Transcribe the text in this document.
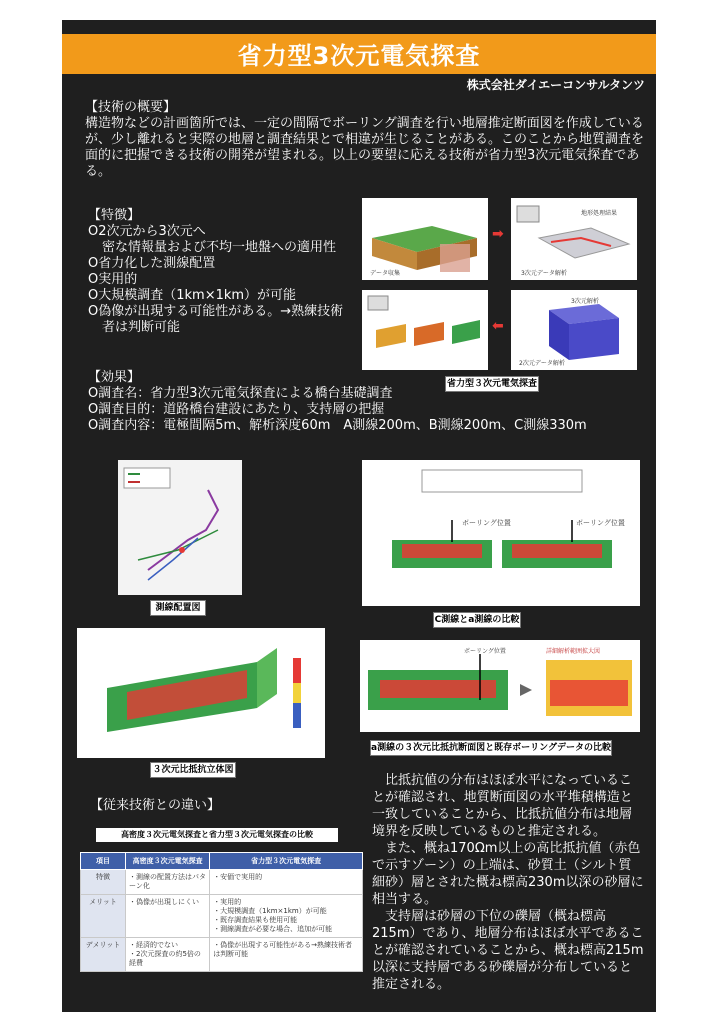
省力型3次元電気探査
株式会社ダイエーコンサルタンツ
【技術の概要】

構造物などの計画箇所では、一定の間隔でボーリング調査を行い地層推定断面図を作成しているが、少し離れると実際の地層と調査結果とで相違が生じることがある。このことから地質調査を面的に把握できる技術の開発が望まれる。以上の要望に応える技術が省力型3次元電気探査である。

【特徴】
O2次元から3次元へ
密な情報量および不均一地盤への適用性
O省力化した測線配置
O実用的
O大規模調査（1km×1km）が可能
O偽像が出現する可能性がある。→熟練技術
者は判断可能
データ収集
➡
地形処理結果
3次元データ解析
⬅
3次元解析
2次元データ解析
省力型３次元電気探査
【効果】
O調査名：省力型3次元電気探査による橋台基礎調査
O調査目的：道路橋台建設にあたり、支持層の把握
O調査内容：電極間隔5m、解析深度60m　A測線200m、B測線200m、C測線330m
測線配置図
ボーリング位置	ボーリング位置
C測線とa測線の比較
３次元比抵抗立体図
ボーリング位置	詳細解析範囲拡大図
a測線の３次元比抵抗断面図と既存ボーリングデータの比較

比抵抗値の分布はほぼ水平になっていることが確認され、地質断面図の水平堆積構造と一致していることから、比抵抗値分布は地層境界を反映しているものと推定される。

また、概ね170Ωm以上の高比抵抗値（赤色で示すゾーン）の上端は、砂質土（シルト質細砂）層とされた概ね標高230m以深の砂層に相当する。

支持層は砂層の下位の礫層（概ね標高215m）であり、地層分布はほぼ水平であることが確認されていることから、概ね標高215m以深に支持層である砂礫層が分布していると推定される。

【従来技術との違い】
高密度３次元電気探査と省力型３次元電気探査の比較
項目	高密度３次元電気探査	省力型３次元電気探査
特徴	・測線の配置方法はパターン化	・安価で実用的
メリット	・偽像が出現しにくい	・実用的
・大規模調査（1km×1km）が可能
・既存調査結果も使用可能
・測線調査が必要な場合、追加が可能
デメリット	・経済的でない
・2次元探査の約5倍の経費	・偽像が出現する可能性がある→熟練技術者は判断可能
